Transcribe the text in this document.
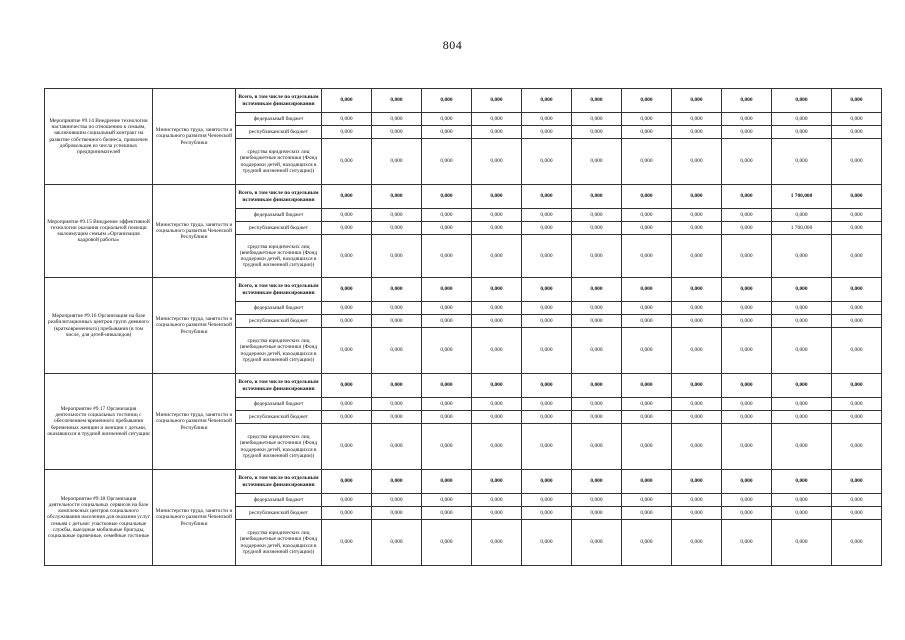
804
Мероприятие #9.14 Внедрение технологии наставничества по отношению к семьям, заключившим социальный контракт на развитие собственного бизнеса, привлечен добровольцев из числа успешных предпринимателей	Министерство труда, занятости и социального развития Чеченской Республики	Всего, в том числе по отдельным источникам финансирования	0,000	0,000	0,000	0,000	0,000	0,000	0,000	0,000	0,000	0,000	0,000
		федеральный бюджет	0,000	0,000	0,000	0,000	0,000	0,000	0,000	0,000	0,000	0,000	0,000
		республиканский бюджет	0,000	0,000	0,000	0,000	0,000	0,000	0,000	0,000	0,000	0,000	0,000
		средства юридических лиц (внебюджетные источники (Фонд поддержки детей, находящихся в трудной жизненной ситуации))	0,000	0,000	0,000	0,000	0,000	0,000	0,000	0,000	0,000	0,000	0,000
Мероприятие #9.15 Внедрение эффективной технологии оказания социальной помощи малоимущим семьям «Организация кадровой работы»	Министерство труда, занятости и социального развития Чеченской Республики	Всего, в том числе по отдельным источникам финансирования	0,000	0,000	0,000	0,000	0,000	0,000	0,000	0,000	0,000	1 700,000	0,000
		федеральный бюджет	0,000	0,000	0,000	0,000	0,000	0,000	0,000	0,000	0,000	0,000	0,000
		республиканский бюджет	0,000	0,000	0,000	0,000	0,000	0,000	0,000	0,000	0,000	1 700,000	0,000
		средства юридических лиц (внебюджетные источники (Фонд поддержки детей, находящихся в трудной жизненной ситуации))	0,000	0,000	0,000	0,000	0,000	0,000	0,000	0,000	0,000	0,000	0,000
Мероприятие #9.16 Организация на базе реабилитационных центров групп дневного (кратковременного) пребывания (в том числе, для детей-инвалидов)	Министерство труда, занятости и социального развития Чеченской Республики	Всего, в том числе по отдельным источникам финансирования	0,000	0,000	0,000	0,000	0,000	0,000	0,000	0,000	0,000	0,000	0,000
		федеральный бюджет	0,000	0,000	0,000	0,000	0,000	0,000	0,000	0,000	0,000	0,000	0,000
		республиканский бюджет	0,000	0,000	0,000	0,000	0,000	0,000	0,000	0,000	0,000	0,000	0,000
		средства юридических лиц (внебюджетные источники (Фонд поддержки детей, находящихся в трудной жизненной ситуации))	0,000	0,000	0,000	0,000	0,000	0,000	0,000	0,000	0,000	0,000	0,000
Мероприятие #9.17 Организация деятельности социальных гостиниц с обеспечением временного пребывания беременных женщин и женщин с детьми, оказавшихся в трудной жизненной ситуации	Министерство труда, занятости и социального развития Чеченской Республики	Всего, в том числе по отдельным источникам финансирования	0,000	0,000	0,000	0,000	0,000	0,000	0,000	0,000	0,000	0,000	0,000
		федеральный бюджет	0,000	0,000	0,000	0,000	0,000	0,000	0,000	0,000	0,000	0,000	0,000
		республиканский бюджет	0,000	0,000	0,000	0,000	0,000	0,000	0,000	0,000	0,000	0,000	0,000
		средства юридических лиц (внебюджетные источники (Фонд поддержки детей, находящихся в трудной жизненной ситуации))	0,000	0,000	0,000	0,000	0,000	0,000	0,000	0,000	0,000	0,000	0,000
Мероприятие #9.18 Организация деятельности социальных сервисов на базе комплексных центров социального обслуживания населения для оказания услуг семьям с детьми: участковые социальные службы, выездные мобильные бригады, социальные прачечные, семейные гостиные	Министерство труда, занятости и социального развития Чеченской Республики	Всего, в том числе по отдельным источникам финансирования	0,000	0,000	0,000	0,000	0,000	0,000	0,000	0,000	0,000	0,000	0,000
		федеральный бюджет	0,000	0,000	0,000	0,000	0,000	0,000	0,000	0,000	0,000	0,000	0,000
		республиканский бюджет	0,000	0,000	0,000	0,000	0,000	0,000	0,000	0,000	0,000	0,000	0,000
		средства юридических лиц (внебюджетные источники (Фонд поддержки детей, находящихся в трудной жизненной ситуации))	0,000	0,000	0,000	0,000	0,000	0,000	0,000	0,000	0,000	0,000	0,000
